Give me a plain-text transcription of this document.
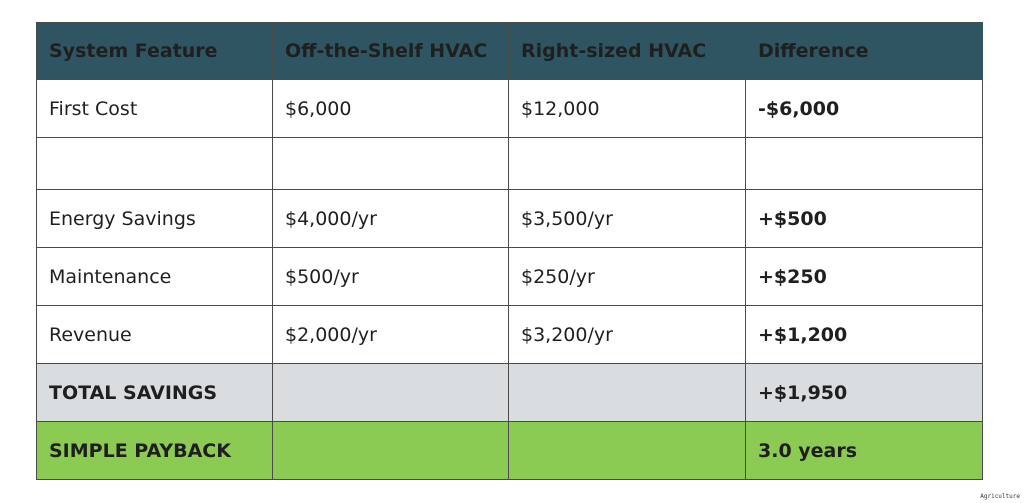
System Feature	Off-the-Shelf HVAC	Right-sized HVAC	Difference
First Cost	$6,000	$12,000	-$6,000

Energy Savings	$4,000/yr	$3,500/yr	+$500
Maintenance	$500/yr	$250/yr	+$250
Revenue	$2,000/yr	$3,200/yr	+$1,200
TOTAL SAVINGS			+$1,950
SIMPLE PAYBACK			3.0 years
Agriculture
